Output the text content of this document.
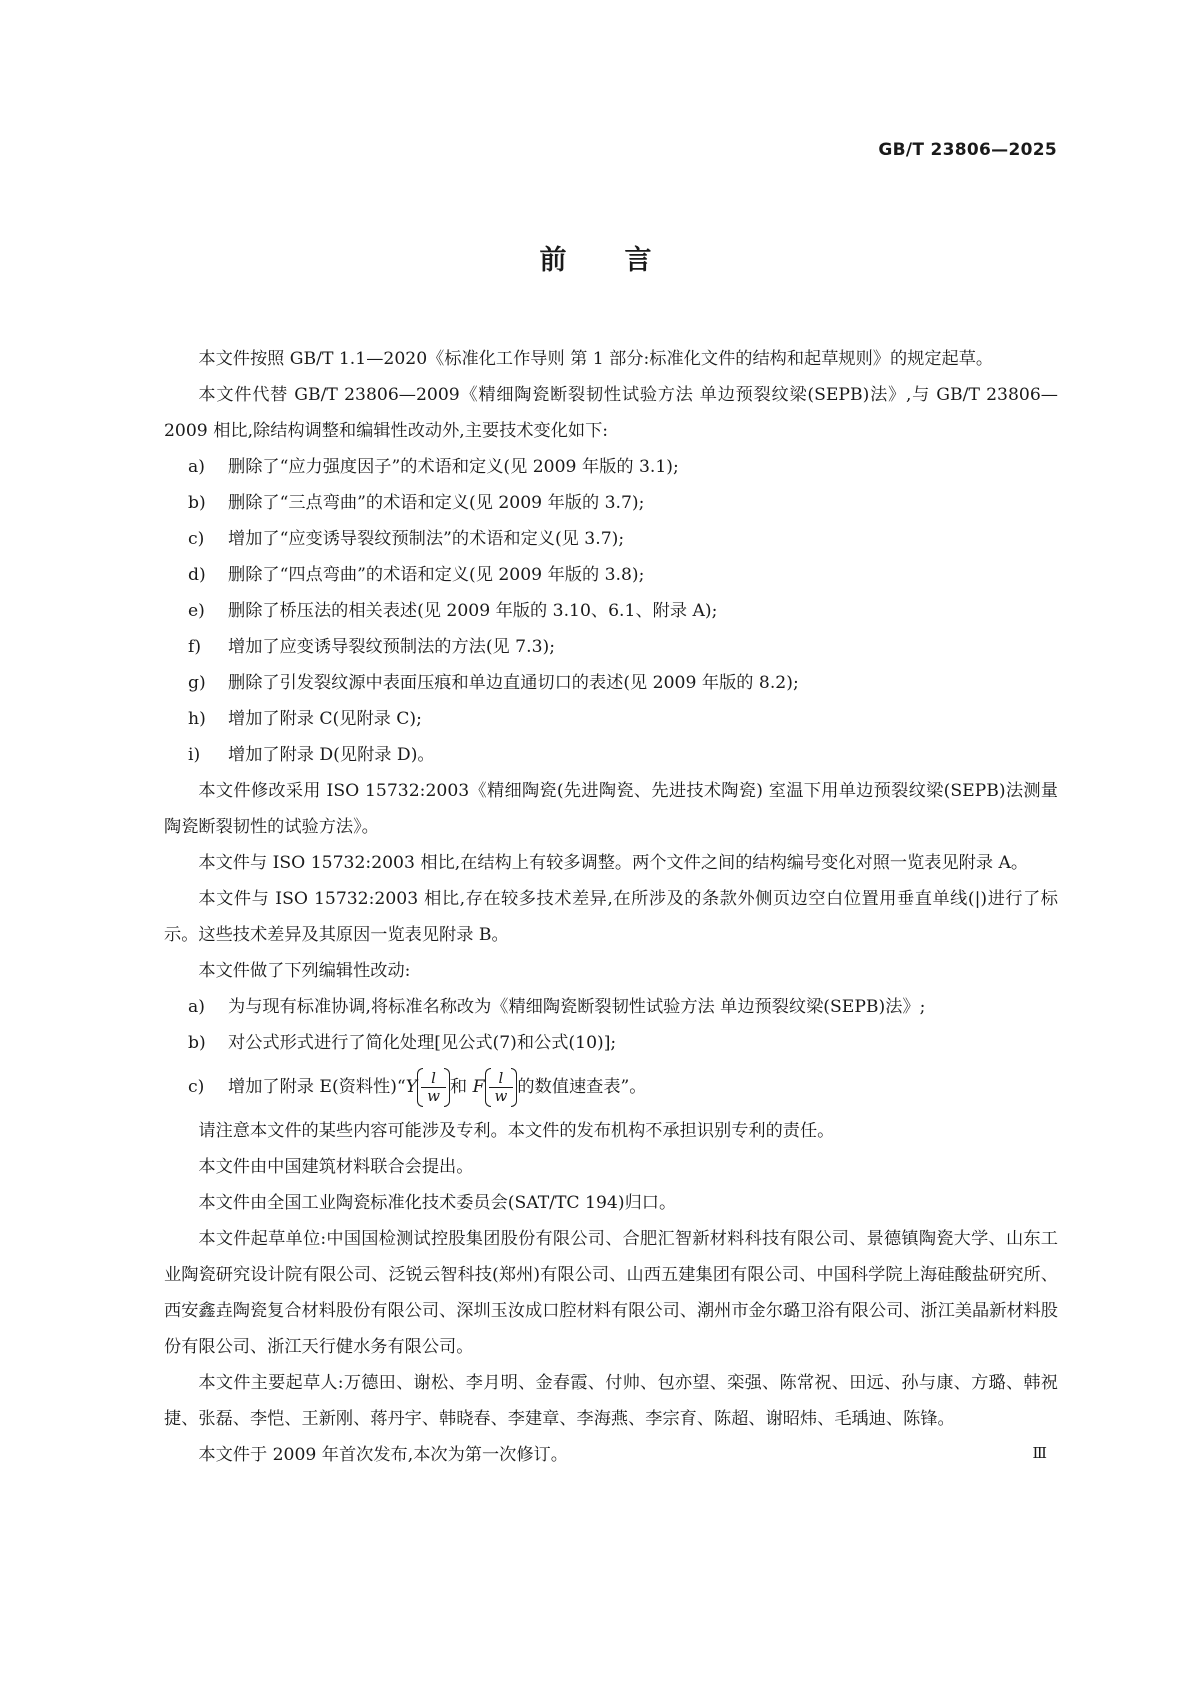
GB/T 23806—2025
前 言

本文件按照 GB/T 1.1—2020《标准化工作导则 第 1 部分:标准化文件的结构和起草规则》的规定起草。

本文件代替 GB/T 23806—2009《精细陶瓷断裂韧性试验方法 单边预裂纹梁(SEPB)法》,与 GB/T 23806—2009 相比,除结构调整和编辑性改动外,主要技术变化如下:

a) 删除了“应力强度因子”的术语和定义(见 2009 年版的 3.1);
b) 删除了“三点弯曲”的术语和定义(见 2009 年版的 3.7);
c) 增加了“应变诱导裂纹预制法”的术语和定义(见 3.7);
d) 删除了“四点弯曲”的术语和定义(见 2009 年版的 3.8);
e) 删除了桥压法的相关表述(见 2009 年版的 3.10、6.1、附录 A);
f) 增加了应变诱导裂纹预制法的方法(见 7.3);
g) 删除了引发裂纹源中表面压痕和单边直通切口的表述(见 2009 年版的 8.2);
h) 增加了附录 C(见附录 C);
i) 增加了附录 D(见附录 D)。

本文件修改采用 ISO 15732:2003《精细陶瓷(先进陶瓷、先进技术陶瓷) 室温下用单边预裂纹梁(SEPB)法测量陶瓷断裂韧性的试验方法》。

本文件与 ISO 15732:2003 相比,在结构上有较多调整。两个文件之间的结构编号变化对照一览表见附录 A。

本文件与 ISO 15732:2003 相比,存在较多技术差异,在所涉及的条款外侧页边空白位置用垂直单线(|)进行了标示。这些技术差异及其原因一览表见附录 B。

本文件做了下列编辑性改动:

a) 为与现有标准协调,将标准名称改为《精细陶瓷断裂韧性试验方法 单边预裂纹梁(SEPB)法》;
b) 对公式形式进行了简化处理[见公式(7)和公式(10)];
c) 增加了附录 E(资料性)“Y $\frac{l}{w}$ 和 F $\frac{l}{w}$ 的数值速查表”。

请注意本文件的某些内容可能涉及专利。本文件的发布机构不承担识别专利的责任。

本文件由中国建筑材料联合会提出。

本文件由全国工业陶瓷标准化技术委员会(SAT/TC 194)归口。

本文件起草单位:中国国检测试控股集团股份有限公司、合肥汇智新材料科技有限公司、景德镇陶瓷大学、山东工业陶瓷研究设计院有限公司、泛锐云智科技(郑州)有限公司、山西五建集团有限公司、中国科学院上海硅酸盐研究所、西安鑫垚陶瓷复合材料股份有限公司、深圳玉汝成口腔材料有限公司、潮州市金尔璐卫浴有限公司、浙江美晶新材料股份有限公司、浙江天行健水务有限公司。

本文件主要起草人:万德田、谢松、李月明、金春霞、付帅、包亦望、栾强、陈常祝、田远、孙与康、方璐、韩祝捷、张磊、李恺、王新刚、蒋丹宇、韩晓春、李建章、李海燕、李宗育、陈超、谢昭炜、毛瑀迪、陈锋。

本文件于 2009 年首次发布,本次为第一次修订。	Ⅲ
